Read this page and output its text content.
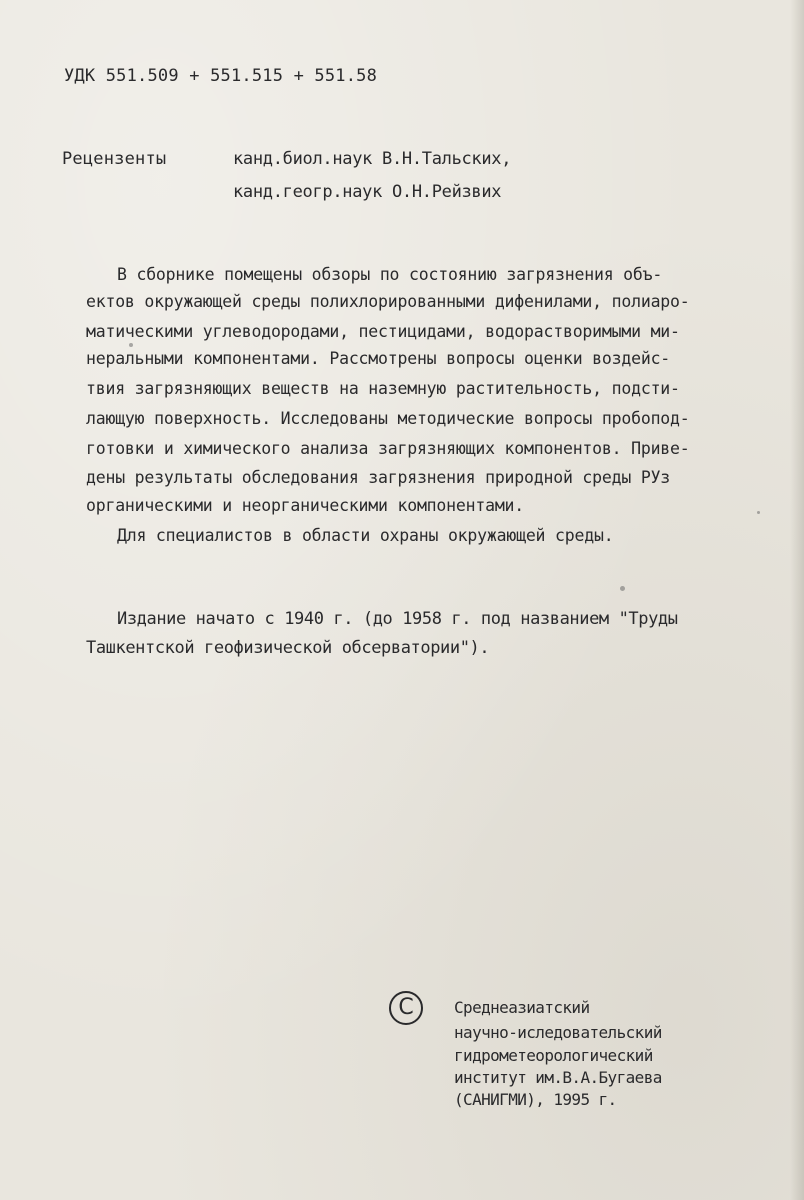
УДК 551.509 + 551.515 + 551.58

Рецензенты	канд.биол.наук В.Н.Тальских,

канд.геогр.наук О.Н.Рейзвих

В сборнике помещены обзоры по состоянию загрязнения объ-

ектов окружающей среды полихлорированными дифенилами, полиаро-

матическими углеводородами, пестицидами, водорастворимыми ми-

неральными компонентами. Рассмотрены вопросы оценки воздейс-

твия загрязняющих веществ на наземную растительность, подсти-

лающую поверхность. Исследованы методические вопросы пробопод-

готовки и химического анализа загрязняющих компонентов. Приве-

дены результаты обследования загрязнения природной среды РУз

органическими и неорганическими компонентами.

Для специалистов в области охраны окружающей среды.

Издание начато с 1940 г. (до 1958 г. под названием "Труды

Ташкентской геофизической обсерватории").

C	Среднеазиатский

научно-иследовательский

гидрометеорологический

институт им.В.А.Бугаева

(САНИГМИ), 1995 г.
